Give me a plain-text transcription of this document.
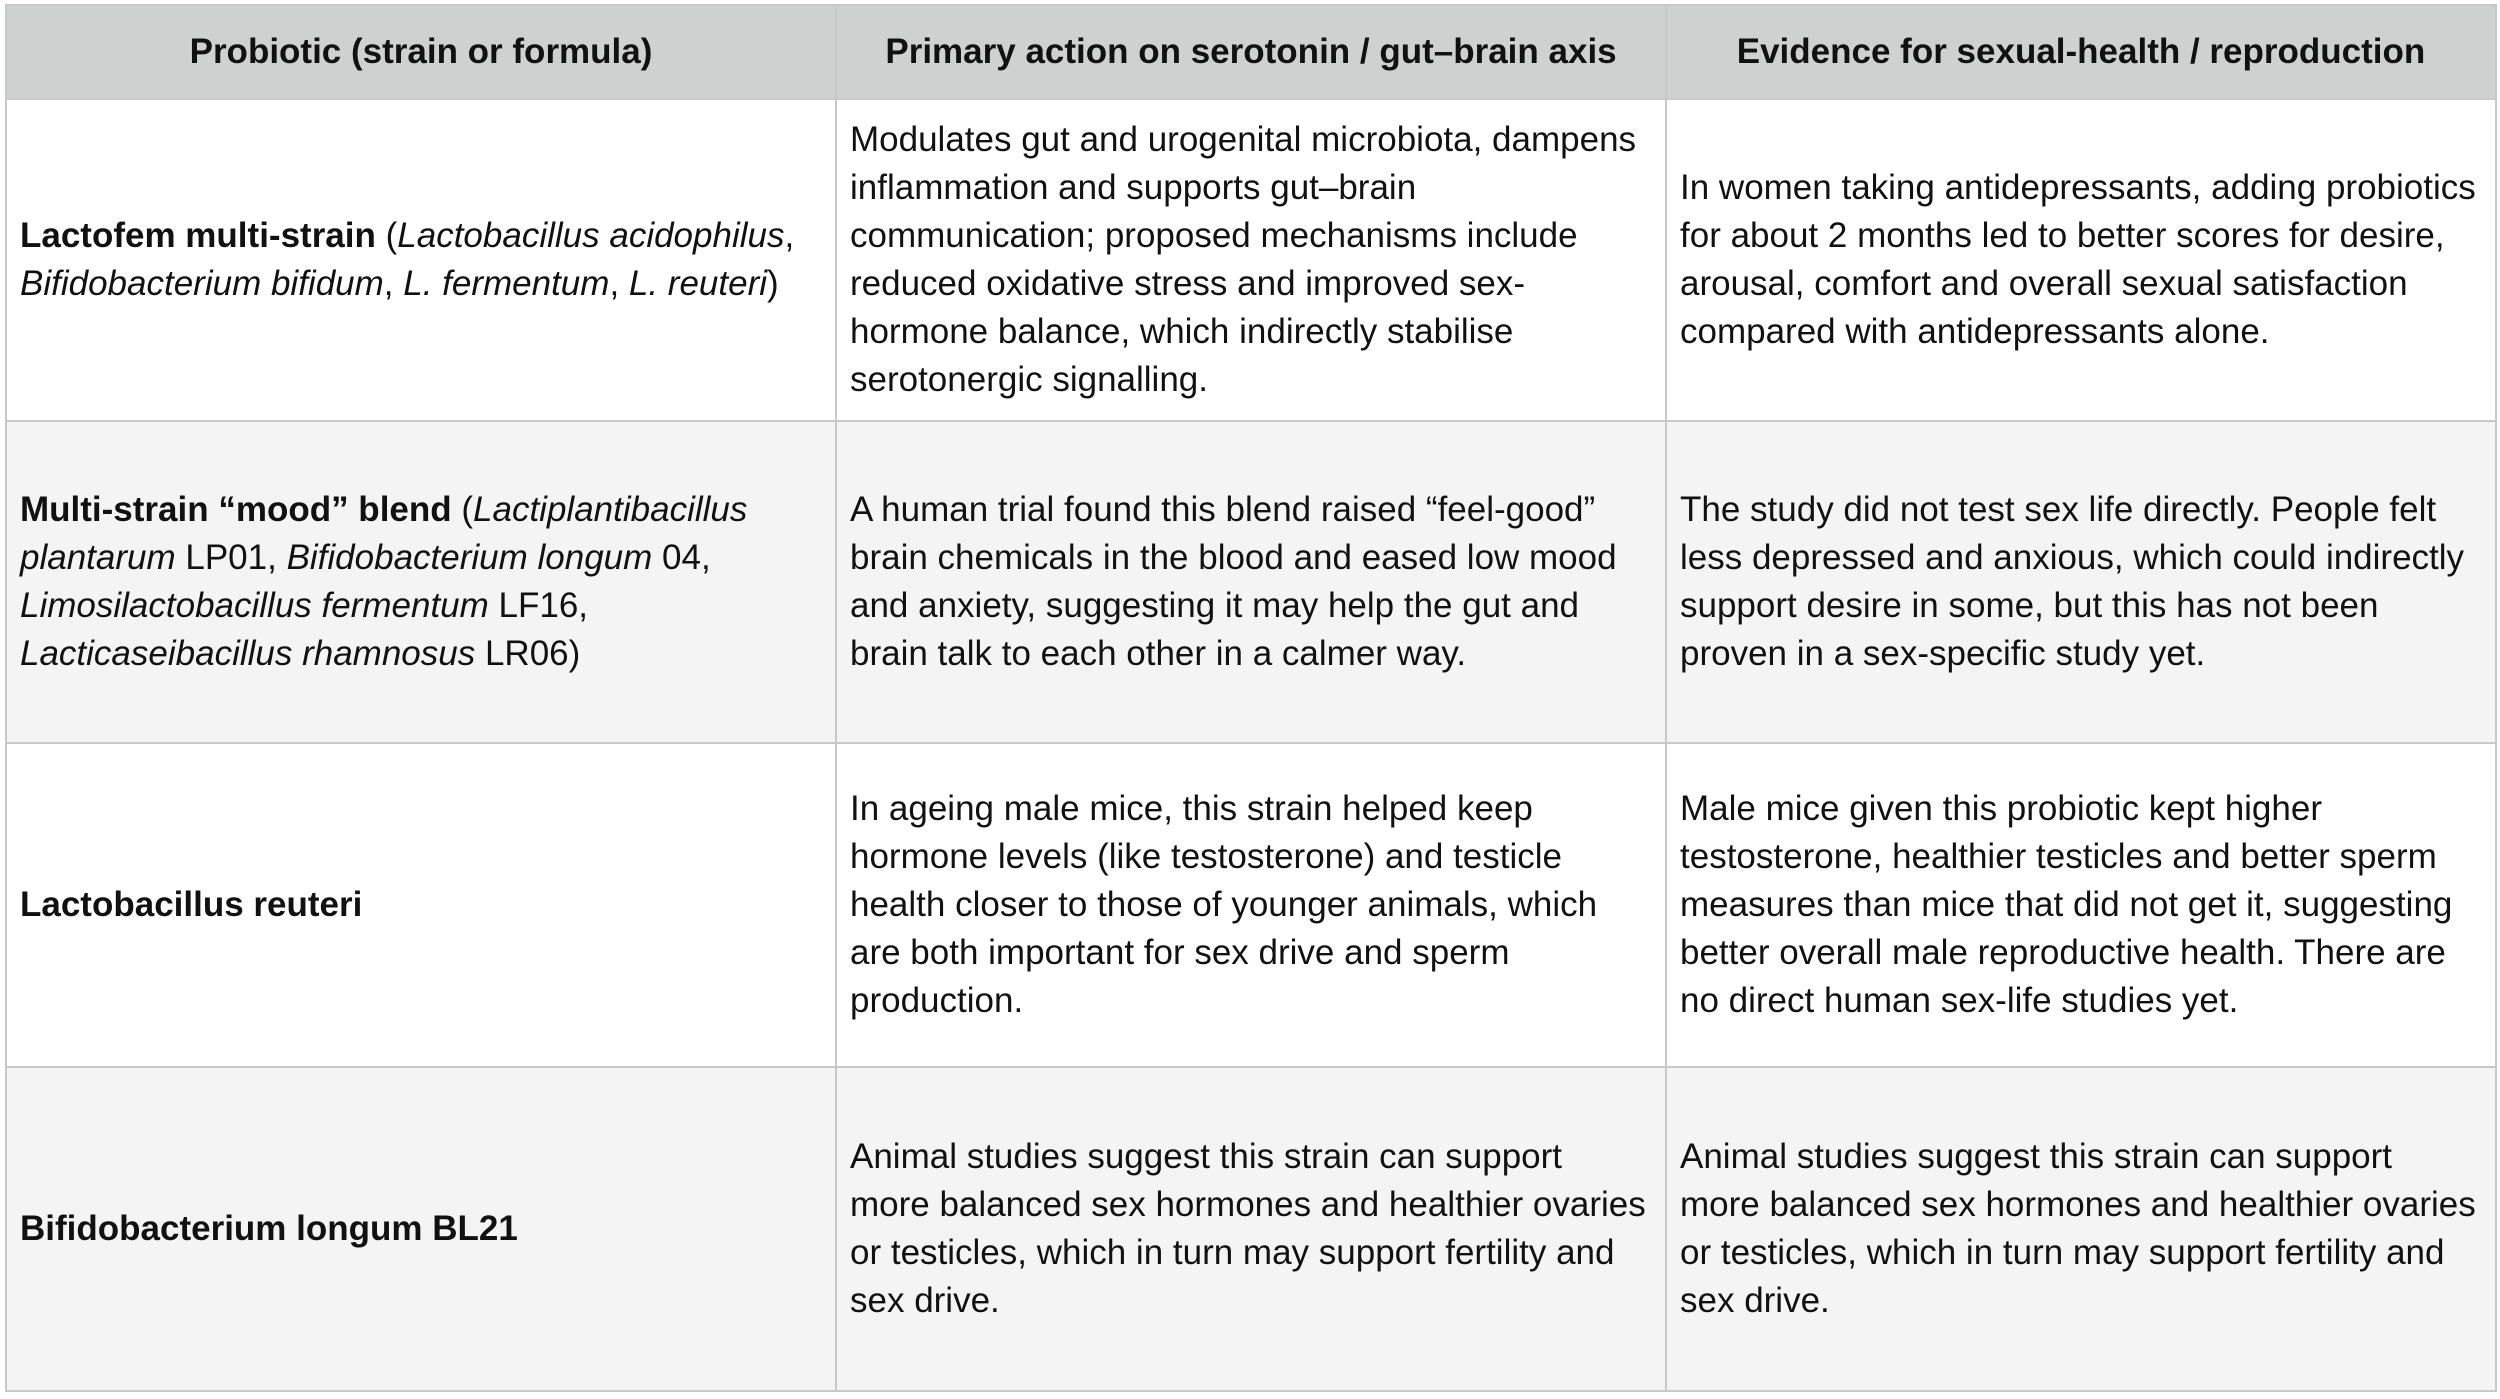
Probiotic (strain or formula)	Primary action on serotonin / gut–brain axis	Evidence for sexual-health / reproduction
Lactofem multi-strain (Lactobacillus acidophilus, Bifidobacterium bifidum, L. fermentum, L. reuteri)	Modulates gut and urogenital microbiota, dampens inflammation and supports gut–brain communication; proposed mechanisms include reduced oxidative stress and improved sex-hormone balance, which indirectly stabilise serotonergic signalling.	In women taking antidepressants, adding probiotics for about 2 months led to better scores for desire, arousal, comfort and overall sexual satisfaction compared with antidepressants alone.
Multi-strain “mood” blend (Lactiplantibacillus plantarum LP01, Bifidobacterium longum 04,
Limosilactobacillus fermentum LF16,
Lacticaseibacillus rhamnosus LR06)	A human trial found this blend raised “feel-good” brain chemicals in the blood and eased low mood and anxiety, suggesting it may help the gut and brain talk to each other in a calmer way.	The study did not test sex life directly. People felt less depressed and anxious, which could indirectly support desire in some, but this has not been proven in a sex-specific study yet.
Lactobacillus reuteri	In ageing male mice, this strain helped keep hormone levels (like testosterone) and testicle health closer to those of younger animals, which are both important for sex drive and sperm production.	Male mice given this probiotic kept higher testosterone, healthier testicles and better sperm measures than mice that did not get it, suggesting better overall male reproductive health. There are no direct human sex-life studies yet.
Bifidobacterium longum BL21	Animal studies suggest this strain can support more balanced sex hormones and healthier ovaries or testicles, which in turn may support fertility and sex drive.	Animal studies suggest this strain can support more balanced sex hormones and healthier ovaries or testicles, which in turn may support fertility and sex drive.
